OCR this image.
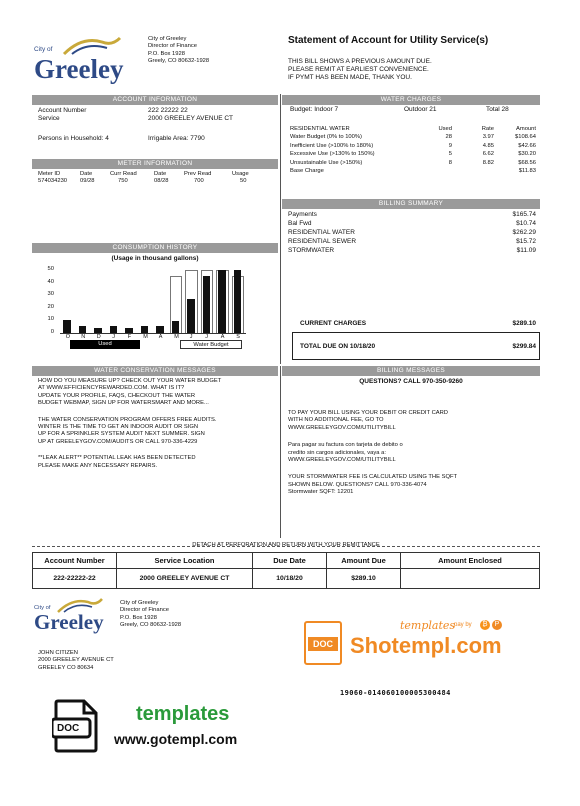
City of
Greeley
City of Greeley
Director of Finance
P.O. Box 1928
Greely, CO 80632-1928
Statement of Account for Utility Service(s)
THIS BILL SHOWS A PREVIOUS AMOUNT DUE.
PLEASE REMIT AT EARLIEST CONVENIENCE.
IF PYMT HAS BEEN MADE, THANK YOU.
ACCOUNT INFORMATION
Account Number	222 22222 22
Service	2000 GREELEY AVENUE CT
Persons in Household: 4	Irrigable Area: 7790
METER INFORMATION
Meter ID	Date	Curr Read	Date	Prev Read	Usage
574034230	09/28	750	08/28	700	50
CONSUMPTION HISTORY
(Usage in thousand gallons)
50
40
30
20
10
0
O N D J F M A M J J A S
Used	Water Budget
WATER CHARGES
Budget: Indoor 7	Outdoor 21	Total 28
RESIDENTIAL WATER	Used	Rate	Amount
Water Budget (0% to 100%)	28	3.97	$108.64
Inefficient Use (>100% to 180%)	9	4.85	$42.66
Excessive Use (>130% to 150%)	5	6.62	$30.20
Unsustainable Use (>150%)	8	8.82	$68.56
Base Charge	$11.83
BILLING SUMMARY
Payments	$165.74
Bal Fwd	$10.74
RESIDENTIAL WATER	$262.29
RESIDENTIAL SEWER	$15.72
STORMWATER	$11.09
CURRENT CHARGES	$289.10
TOTAL DUE ON 10/18/20	$299.84
WATER CONSERVATION MESSAGES
HOW DO YOU MEASURE UP? CHECK OUT YOUR WATER BUDGET
AT WWW.EFFICIENCYREWARDED.COM. WHAT IS IT?
UPDATE YOUR PROFILE, FAQS, CHECKOUT THE WATER
BUDGET WEBMAP, SIGN UP FOR WATERSMART AND MORE...
THE WATER CONSERVATION PROGRAM OFFERS FREE AUDITS.
WINTER IS THE TIME TO GET AN INDOOR AUDIT OR SIGN
UP FOR A SPRINKLER SYSTEM AUDIT NEXT SUMMER. SIGN
UP AT GREELEYGOV.COM/AUDITS OR CALL 970-336-4229
**LEAK ALERT** POTENTIAL LEAK HAS BEEN DETECTED
PLEASE MAKE ANY NECESSARY REPAIRS.
BILLING MESSAGES
QUESTIONS? CALL 970-350-9260
TO PAY YOUR BILL USING YOUR DEBIT OR CREDIT CARD
WITH NO ADDITIONAL FEE, GO TO
WWW.GREELEYGOV.COM/UTILITYBILL
Para pagar su factura con tarjeta de debito o
credito sin cargos adicionales, vaya a:
WWW.GREELEYGOV.COM/UTILITYBILL
YOUR STORMWATER FEE IS CALCULATED USING THE SQFT
SHOWN BELOW. QUESTIONS? CALL 970-336-4074
Stormwater SQFT: 12201
DETACH AT PERFORATION AND RETURN WITH YOUR REMITTANCE
Account Number	Service Location	Due Date	Amount Due	Amount Enclosed
222-22222-22	2000 GREELEY AVENUE CT	10/18/20	$289.10	
City of
Greeley
City of Greeley
Director of Finance
P.O. Box 1928
Greely, CO 80632-1928
JOHN CITIZEN
2000 GREELEY AVENUE CT
GREELEY CO 80634
19060-014060100005300484
DOC
templates
pay by	₿	P
Shotempl.com
DOC
templates
www.gotempl.com
